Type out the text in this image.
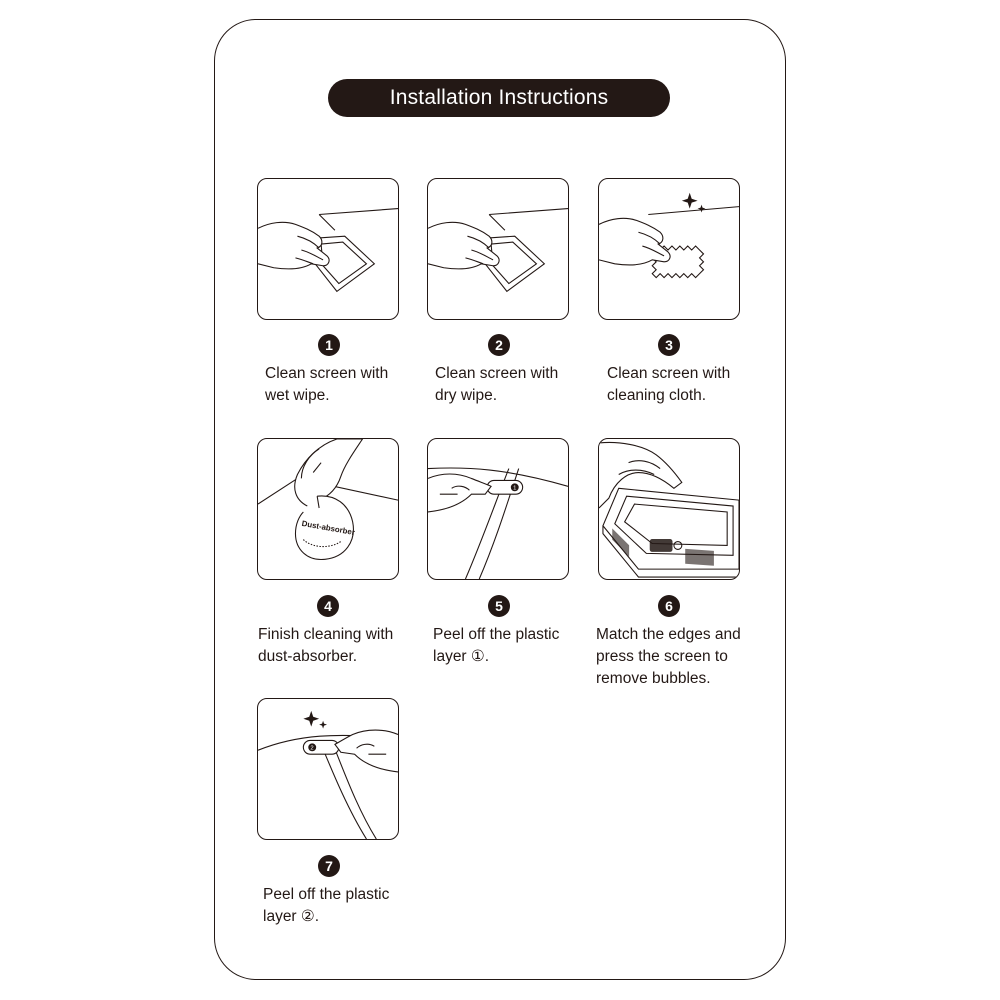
Installation Instructions
1
Clean screen with
wet wipe.
2
Clean screen with
dry wipe.
3
Clean screen with
cleaning cloth.
Dust-absorber
4
Finish cleaning with
dust-absorber.
1
5
Peel off the plastic
layer ①.
6
Match the edges and
press the screen to
remove bubbles.
2
7
Peel off the plastic
layer ②.
